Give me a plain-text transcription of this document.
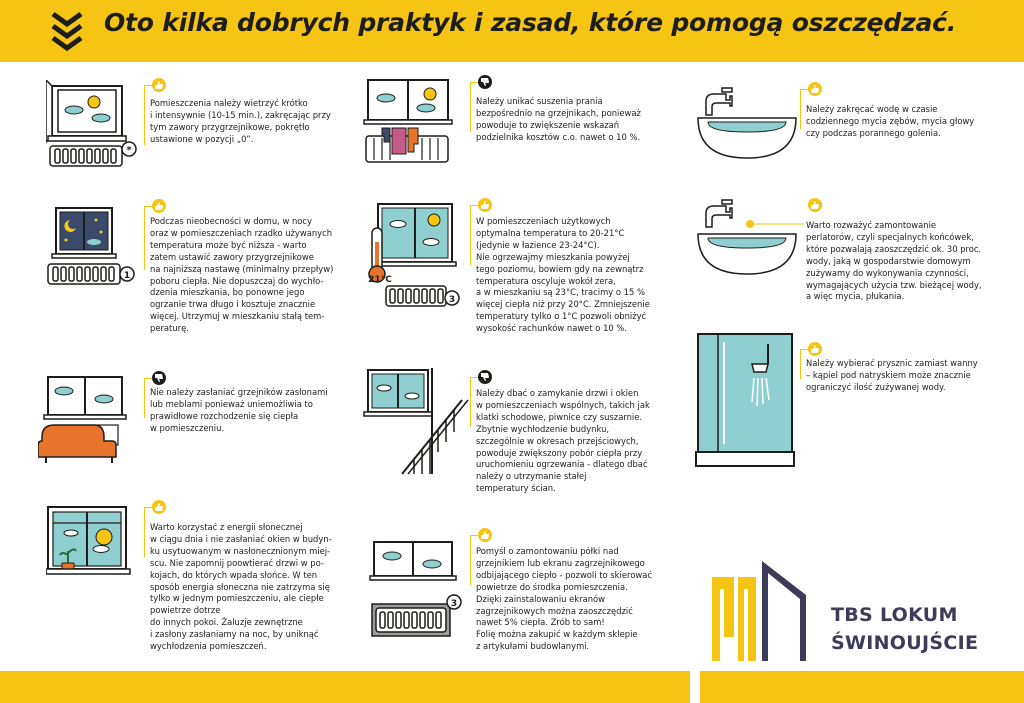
Oto kilka dobrych praktyk i zasad, które pomogą oszczędzać.
*
Pomieszczenia należy wietrzyć krótko
i intensywnie (10-15 min.), zakręcając przy
tym zawory przygrzejnikowe, pokrętło
ustawione w pozycji „0”.
1
Podczas nieobecności w domu, w nocy
oraz w pomieszczeniach rzadko używanych
temperatura może być niższa - warto
zatem ustawić zawory przygrzejnikowe
na najniższą nastawę (minimalny przepływ)
poboru ciepła. Nie dopuszczaj do wychło-
dzenia mieszkania, bo ponowne jego
ogrzanie trwa długo i kosztuje znacznie
więcej. Utrzymuj w mieszkaniu stałą tem-
peraturę.
Nie należy zasłaniać grzejników zasłonami
lub meblami ponieważ uniemożliwia to
prawidłowe rozchodzenie się ciepła
w pomieszczeniu.
Warto korzystać z energii słonecznej
w ciągu dnia i nie zasłaniać okien w budyn-
ku usytuowanym w nasłonecznionym miej-
scu. Nie zapomnij poowtierać drzwi w po-
kojach, do których wpada słońce. W ten
sposób energia słoneczna nie zatrzyma się
tylko w jednym pomieszczeniu, ale ciepłe
powietrze dotrze
do innych pokoi. Żaluzje zewnętrzne
i zasłony zasłaniamy na noc, by uniknąć
wychłodzenia pomieszczeń.
Należy unikać suszenia prania
bezpośrednio na grzejnikach, ponieważ
powoduje to zwiększenie wskazań
podzielnika kosztów c.o. nawet o 10 %.
21°C
3
W pomieszczeniach użytkowych
optymalna temperatura to 20-21°C
(jedynie w łazience 23-24°C).
Nie ogrzewajmy mieszkania powyżej
tego poziomu, bowiem gdy na zewnątrz
temperatura oscyluje wokół zera,
a w mieszkaniu są 23°C, tracimy o 15 %
więcej ciepła niż przy 20°C. Zmniejszenie
temperatury tylko o 1°C pozwoli obniżyć
wysokość rachunków nawet o 10 %.
Należy dbać o zamykanie drzwi i okien
w pomieszczeniach wspólnych, takich jak
klatki schodowe, piwnice czy suszarnie.
Zbytnie wychłodzenie budynku,
szczególnie w okresach przejściowych,
powoduje zwiększony pobór ciepła przy
uruchomieniu ogrzewania - dlatego dbać
należy o utrzymanie stałej
temperatury ścian.
3
Pomyśl o zamontowaniu półki nad
grzejnikiem lub ekranu zagrzejnikowego
odbijającego ciepło - pozwoli to skierować
powietrze do środka pomieszczenia.
Dzięki zainstalowaniu ekranów
zagrzejnikowych można zaoszczędzić
nawet 5% ciepła. Zrób to sam!
Folię można zakupić w każdym sklepie
z artykułami budowlanymi.
Należy zakręcać wodę w czasie
codziennego mycia zębów, mycia głowy
czy podczas porannego golenia.
Warto rozważyć zamontowanie
perlatorów, czyli specjalnych końcówek,
które pozwalają zaoszczędzić ok. 30 proc.
wody, jaką w gospodarstwie domowym
zużywamy do wykonywania czynności,
wymagających użycia tzw. bieżącej wody,
a więc mycia, płukania.
Należy wybierać prysznic zamiast wanny
– kąpiel pod natryskiem może znacznie
ograniczyć ilość zużywanej wody.
TBS LOKUM
ŚWINOUJŚCIE
